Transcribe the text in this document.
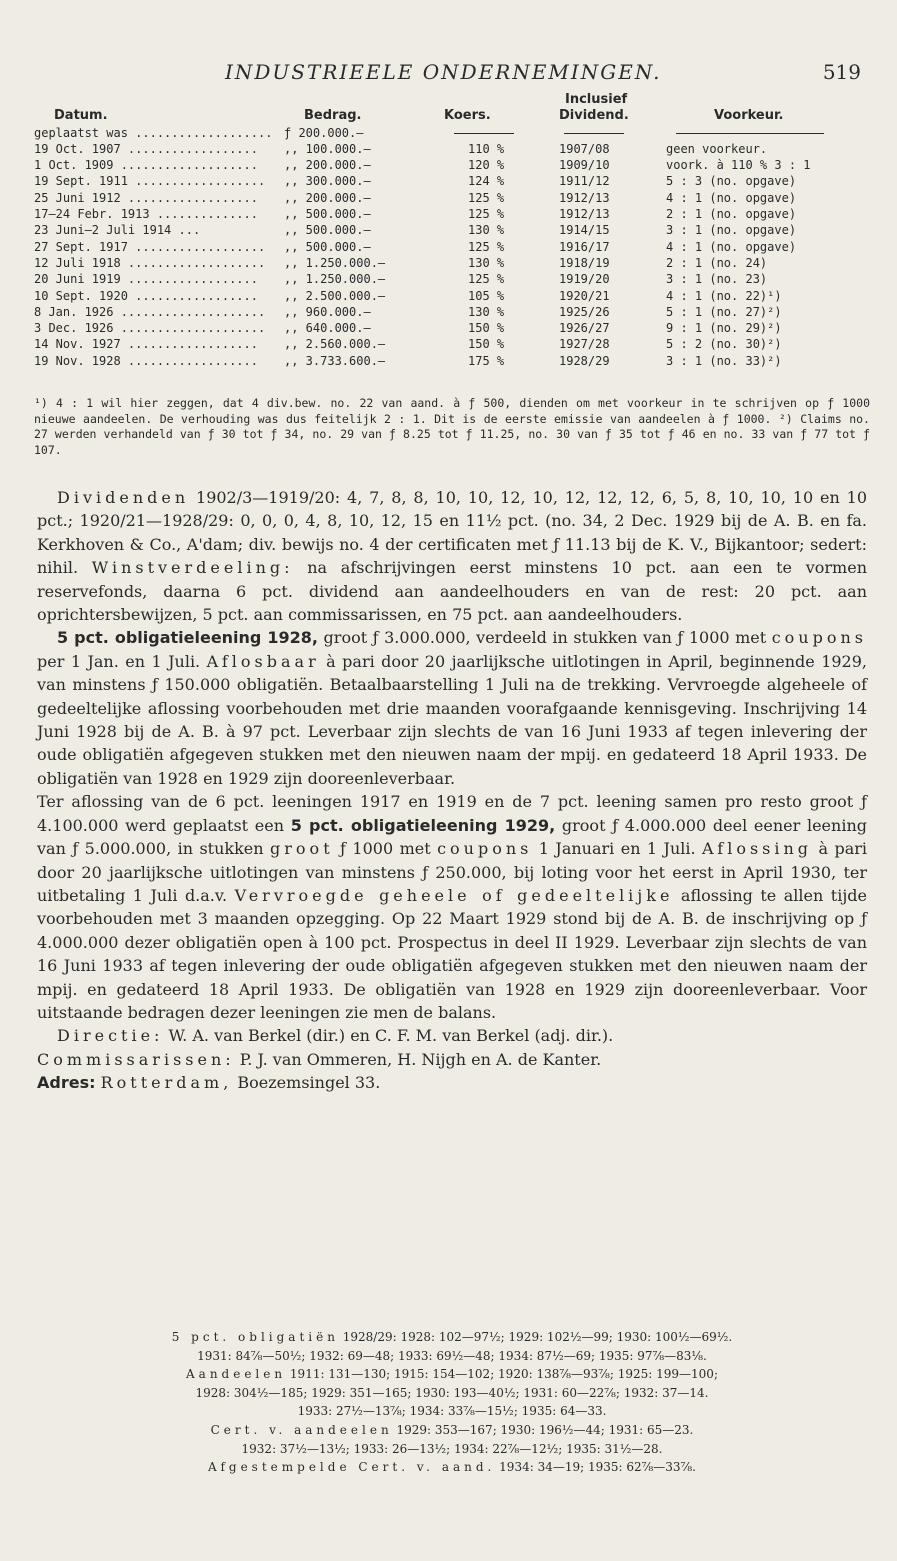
INDUSTRIEELE ONDERNEMINGEN.	519
Inclusief
Datum.	Bedrag.	Koers.	Dividend.	Voorkeur.
geplaatst was ................... ƒ 200.000.—
19 Oct. 1907 .................. ,, 100.000.—	110 %	1907/08	geen voorkeur.
1 Oct. 1909 ................... ,, 200.000.—	120 %	1909/10	voork. à 110 % 3 : 1
19 Sept. 1911 .................. ,, 300.000.—	124 %	1911/12	5 : 3 (no. opgave)
25 Juni 1912 .................. ,, 200.000.—	125 %	1912/13	4 : 1 (no. opgave)
17—24 Febr. 1913 .............. ,, 500.000.—	125 %	1912/13	2 : 1 (no. opgave)
23 Juni—2 Juli 1914 ...	,, 500.000.—	130 %	1914/15	3 : 1 (no. opgave)
27 Sept. 1917 .................. ,, 500.000.—	125 %	1916/17	4 : 1 (no. opgave)
12 Juli 1918 ................... ,, 1.250.000.—	130 %	1918/19	2 : 1 (no. 24)
20 Juni 1919 .................. ,, 1.250.000.—	125 %	1919/20	3 : 1 (no. 23)
10 Sept. 1920 ................. ,, 2.500.000.—	105 %	1920/21	4 : 1 (no. 22)¹)
8 Jan. 1926 .................... ,, 960.000.—	130 %	1925/26	5 : 1 (no. 27)²)
3 Dec. 1926 .................... ,, 640.000.—	150 %	1926/27	9 : 1 (no. 29)²)
14 Nov. 1927 .................. ,, 2.560.000.—	150 %	1927/28	5 : 2 (no. 30)²)
19 Nov. 1928 .................. ,, 3.733.600.—	175 %	1928/29	3 : 1 (no. 33)²)

¹) 4 : 1 wil hier zeggen, dat 4 div.bew. no. 22 van aand. à ƒ 500, dienden om met voorkeur in te schrijven op ƒ 1000 nieuwe aandeelen. De verhouding was dus feitelijk 2 : 1. Dit is de eerste emissie van aandeelen à ƒ 1000. ²) Claims no. 27 werden verhandeld van ƒ 30 tot ƒ 34, no. 29 van ƒ 8.25 tot ƒ 11.25, no. 30 van ƒ 35 tot ƒ 46 en no. 33 van ƒ 77 tot ƒ 107.

Dividenden 1902/3—1919/20: 4, 7, 8, 8, 10, 10, 12, 10, 12, 12, 12, 6, 5, 8, 10, 10, 10 en 10 pct.; 1920/21—1928/29: 0, 0, 0, 4, 8, 10, 12, 15 en 11½ pct. (no. 34, 2 Dec. 1929 bij de A. B. en fa. Kerkhoven & Co., A'dam; div. bewijs no. 4 der certificaten met ƒ 11.13 bij de K. V., Bijkantoor; sedert: nihil. Winstverdeeling: na afschrijvingen eerst minstens 10 pct. aan een te vormen reservefonds, daarna 6 pct. dividend aan aandeelhouders en van de rest: 20 pct. aan oprichtersbewijzen, 5 pct. aan commissarissen, en 75 pct. aan aandeelhouders.

5 pct. obligatieleening 1928, groot ƒ 3.000.000, verdeeld in stukken van ƒ 1000 met coupons per 1 Jan. en 1 Juli. Aflosbaar à pari door 20 jaarlijksche uitlotingen in April, beginnende 1929, van minstens ƒ 150.000 obligatiën. Betaalbaarstelling 1 Juli na de trekking. Vervroegde algeheele of gedeeltelijke aflossing voorbehouden met drie maanden voorafgaande kennisgeving. Inschrijving 14 Juni 1928 bij de A. B. à 97 pct. Leverbaar zijn slechts de van 16 Juni 1933 af tegen inlevering der oude obligatiën afgegeven stukken met den nieuwen naam der mpij. en gedateerd 18 April 1933. De obligatiën van 1928 en 1929 zijn dooreenleverbaar.

Ter aflossing van de 6 pct. leeningen 1917 en 1919 en de 7 pct. leening samen pro resto groot ƒ 4.100.000 werd geplaatst een 5 pct. obligatieleening 1929, groot ƒ 4.000.000 deel eener leening van ƒ 5.000.000, in stukken groot ƒ 1000 met coupons 1 Januari en 1 Juli. Aflossing à pari door 20 jaarlijksche uitlotingen van minstens ƒ 250.000, bij loting voor het eerst in April 1930, ter uitbetaling 1 Juli d.a.v. Vervroegde geheele of gedeeltelijke aflossing te allen tijde voorbehouden met 3 maanden opzegging. Op 22 Maart 1929 stond bij de A. B. de inschrijving op ƒ 4.000.000 dezer obligatiën open à 100 pct. Prospectus in deel II 1929. Leverbaar zijn slechts de van 16 Juni 1933 af tegen inlevering der oude obligatiën afgegeven stukken met den nieuwen naam der mpij. en gedateerd 18 April 1933. De obligatiën van 1928 en 1929 zijn dooreenleverbaar. Voor uitstaande bedragen dezer leeningen zie men de balans.

Directie: W. A. van Berkel (dir.) en C. F. M. van Berkel (adj. dir.).

Commissarissen: P. J. van Ommeren, H. Nijgh en A. de Kanter.

Adres: Rotterdam, Boezemsingel 33.

5 pct. obligatiën 1928/29: 1928: 102—97½; 1929: 102½—99; 1930: 100½—69½.

1931: 84⅞—50½; 1932: 69—48; 1933: 69½—48; 1934: 87½—69; 1935: 97⅞—83⅛.

Aandeelen 1911: 131—130; 1915: 154—102; 1920: 138⅞—93⅞; 1925: 199—100;

1928: 304½—185; 1929: 351—165; 1930: 193—40½; 1931: 60—22⅞; 1932: 37—14.

1933: 27½—13⅞; 1934: 33⅞—15½; 1935: 64—33.

Cert. v. aandeelen 1929: 353—167; 1930: 196½—44; 1931: 65—23.

1932: 37½—13½; 1933: 26—13½; 1934: 22⅞—12½; 1935: 31½—28.

Afgestempelde Cert. v. aand. 1934: 34—19; 1935: 62⅞—33⅞.
